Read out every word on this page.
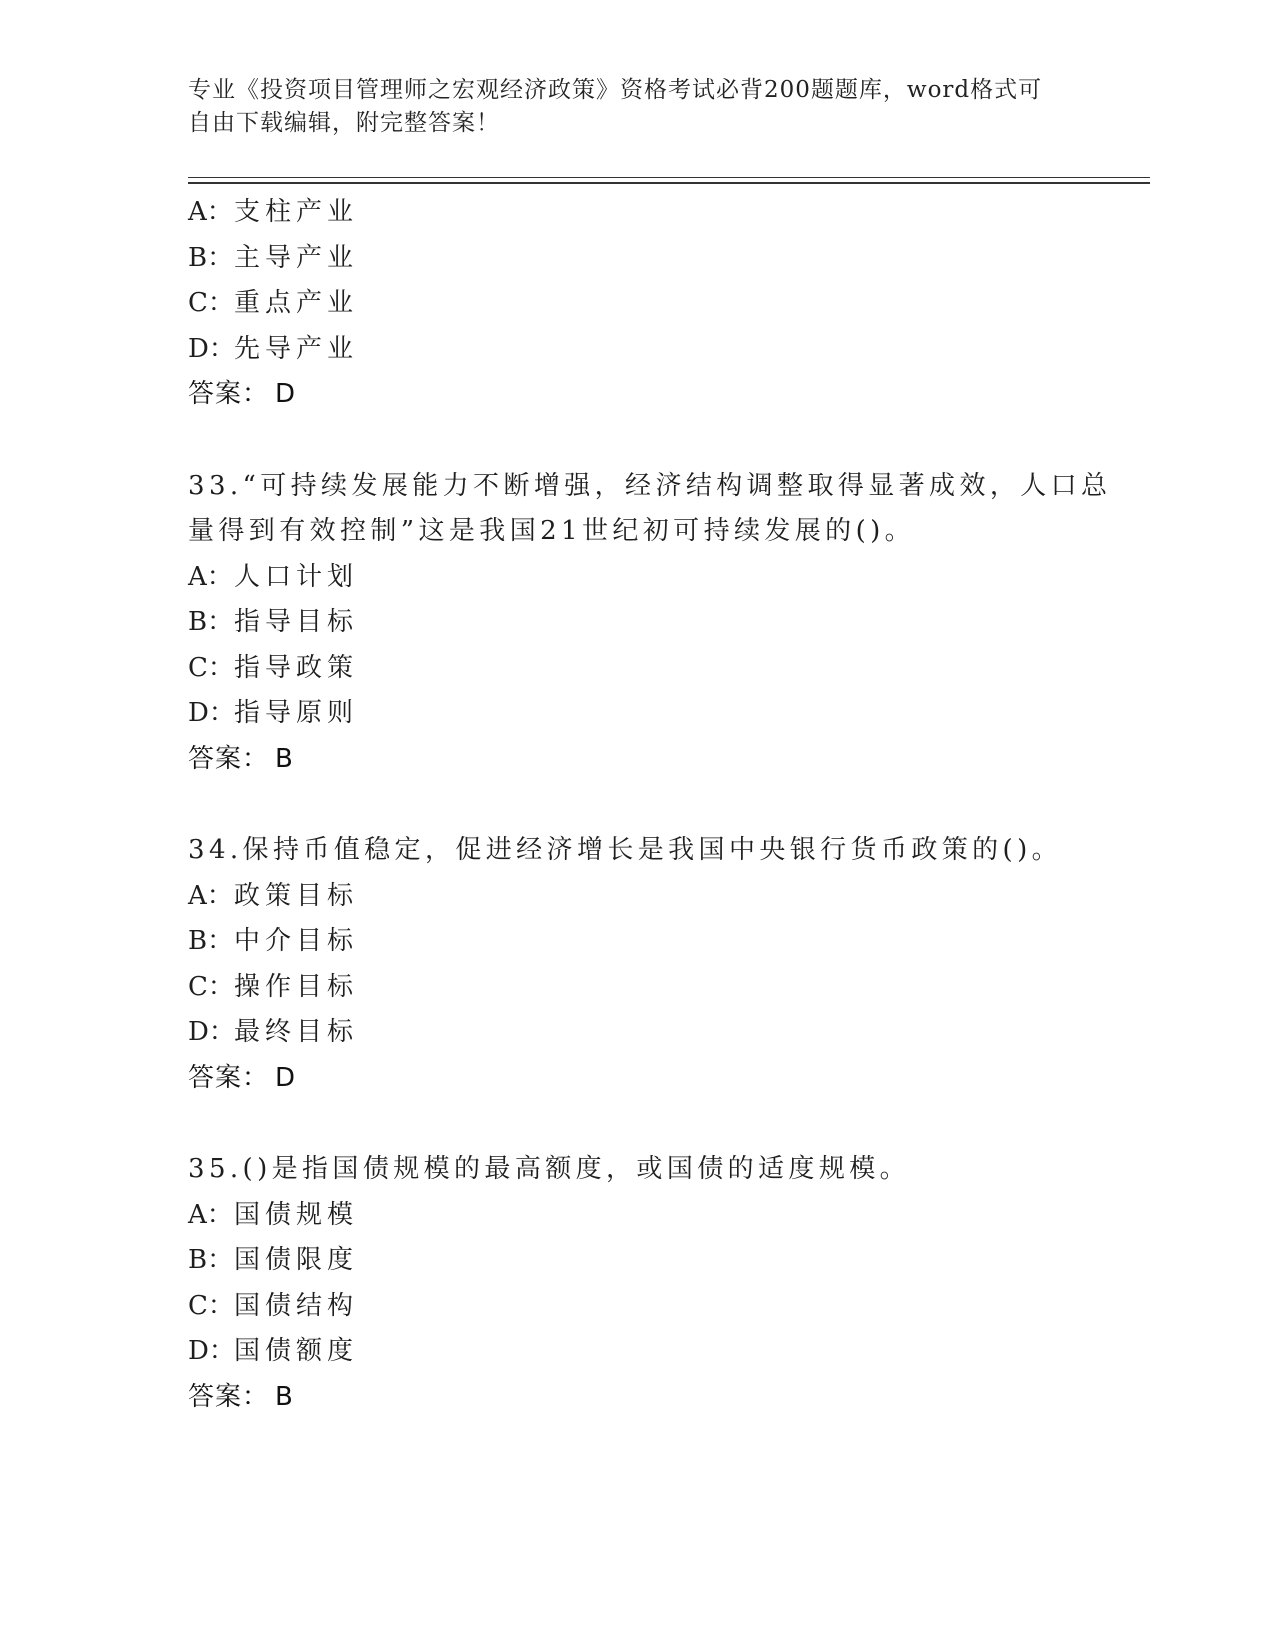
专业《投资项目管理师之宏观经济政策》资格考试必背200题题库，word格式可
自由下载编辑，附完整答案！
A：支柱产业
B：主导产业
C：重点产业
D：先导产业
答案： D
33.“可持续发展能力不断增强，经济结构调整取得显著成效，人口总
量得到有效控制”这是我国21世纪初可持续发展的()。
A：人口计划
B：指导目标
C：指导政策
D：指导原则
答案： B
34.保持币值稳定，促进经济增长是我国中央银行货币政策的()。
A：政策目标
B：中介目标
C：操作目标
D：最终目标
答案： D
35.()是指国债规模的最高额度，或国债的适度规模。
A：国债规模
B：国债限度
C：国债结构
D：国债额度
答案： B
